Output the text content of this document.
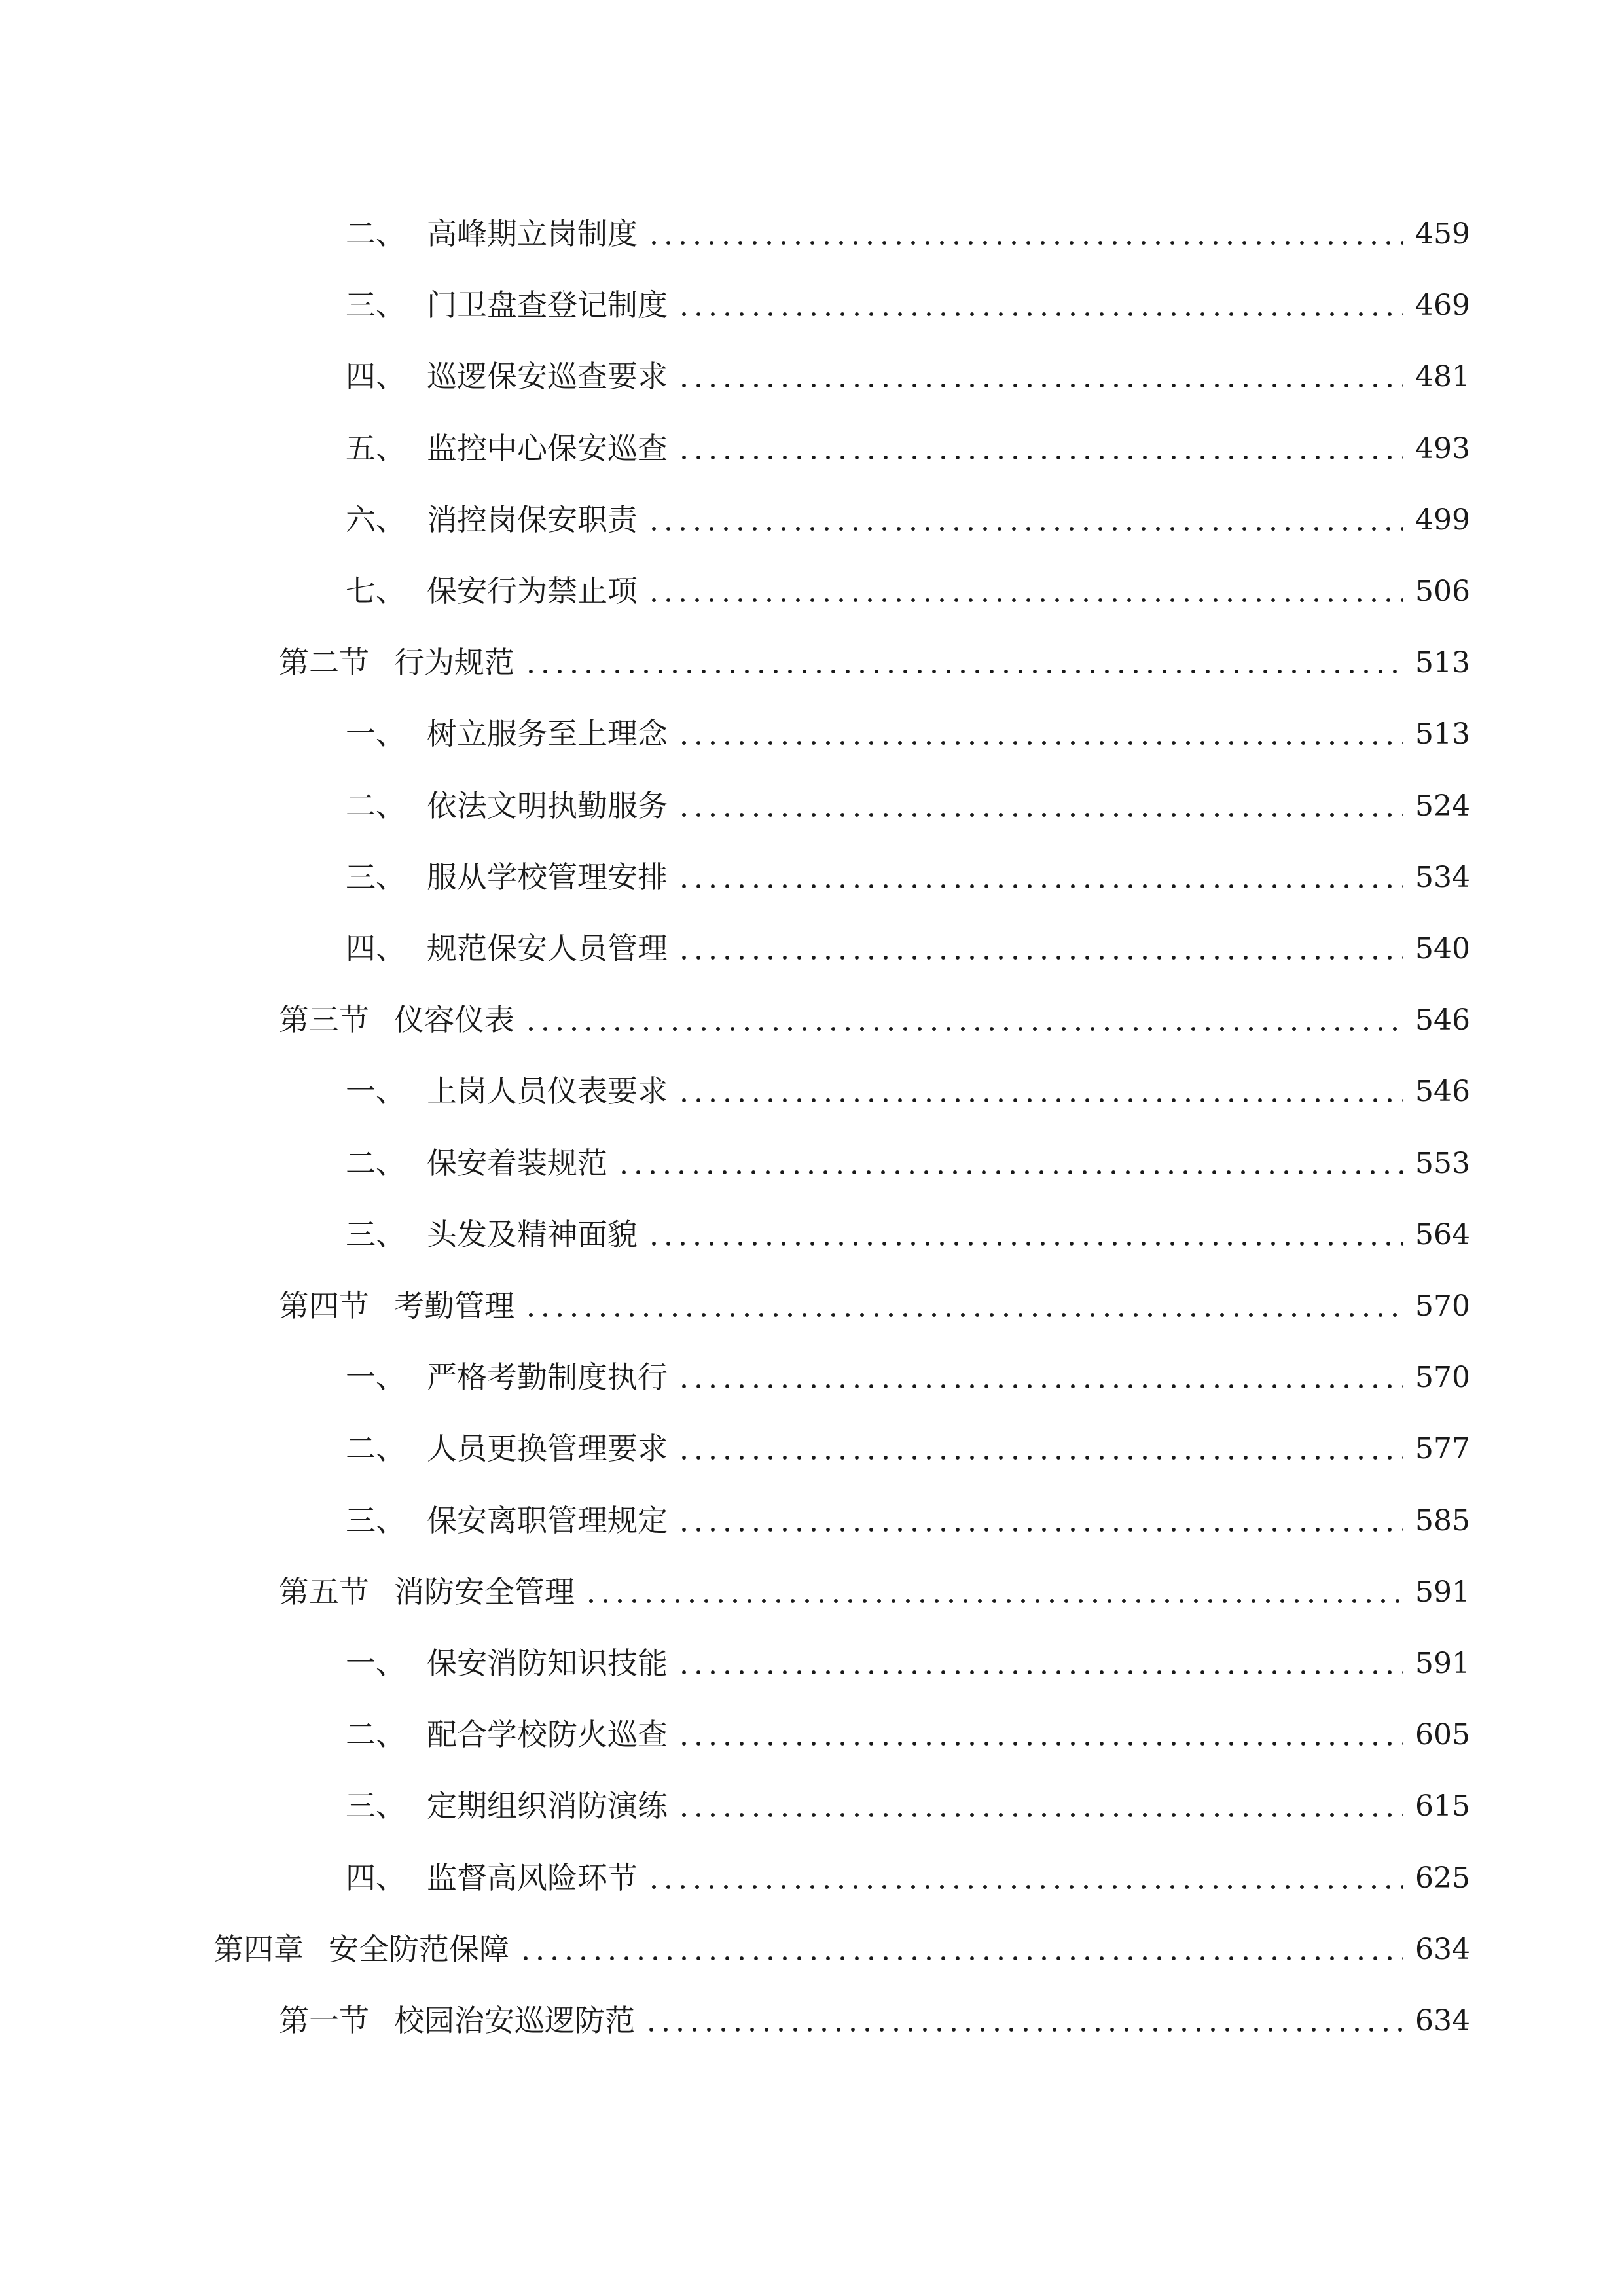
二、 高峰期立岗制度	459
三、 门卫盘查登记制度	469
四、 巡逻保安巡查要求	481
五、 监控中心保安巡查	493
六、 消控岗保安职责	499
七、 保安行为禁止项	506
第二节 行为规范	513
一、 树立服务至上理念	513
二、 依法文明执勤服务	524
三、 服从学校管理安排	534
四、 规范保安人员管理	540
第三节 仪容仪表	546
一、 上岗人员仪表要求	546
二、 保安着装规范	553
三、 头发及精神面貌	564
第四节 考勤管理	570
一、 严格考勤制度执行	570
二、 人员更换管理要求	577
三、 保安离职管理规定	585
第五节 消防安全管理	591
一、 保安消防知识技能	591
二、 配合学校防火巡查	605
三、 定期组织消防演练	615
四、 监督高风险环节	625
第四章 安全防范保障	634
第一节 校园治安巡逻防范	634
